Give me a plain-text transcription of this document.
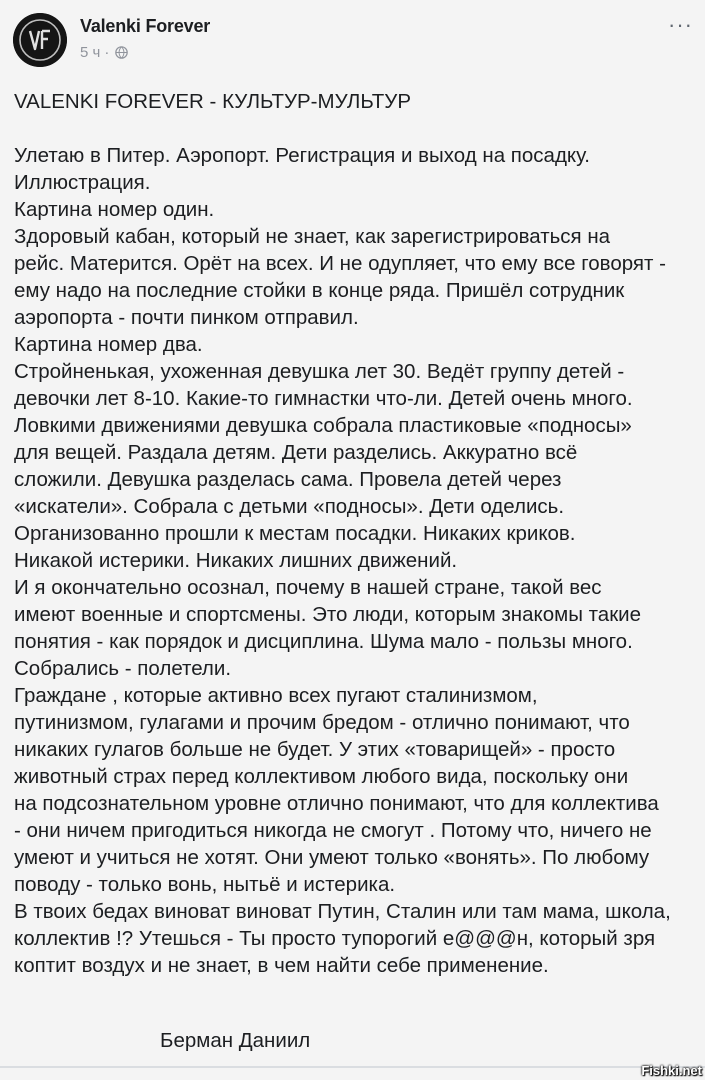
Valenki Forever
5 ч ·
···

VALENKI FOREVER - КУЛЬТУР-МУЛЬТУР

Улетаю в Питер. Аэропорт. Регистрация и выход на посадку.

Иллюстрация.

Картина номер один.

Здоровый кабан, который не знает, как зарегистрироваться на

рейс. Матерится. Орёт на всех. И не одупляет, что ему все говорят -

ему надо на последние стойки в конце ряда. Пришёл сотрудник

аэропорта - почти пинком отправил.

Картина номер два.

Стройненькая, ухоженная девушка лет 30. Ведёт группу детей -

девочки лет 8-10. Какие-то гимнастки что-ли. Детей очень много.

Ловкими движениями девушка собрала пластиковые «подносы»

для вещей. Раздала детям. Дети разделись. Аккуратно всё

сложили. Девушка разделась сама. Провела детей через

«искатели». Собрала с детьми «подносы». Дети оделись.

Организованно прошли к местам посадки. Никаких криков.

Никакой истерики. Никаких лишних движений.

И я окончательно осознал, почему в нашей стране, такой вес

имеют военные и спортсмены. Это люди, которым знакомы такие

понятия - как порядок и дисциплина. Шума мало - пользы много.

Собрались - полетели.

Граждане , которые активно всех пугают сталинизмом,

путинизмом, гулагами и прочим бредом - отлично понимают, что

никаких гулагов больше не будет. У этих «товарищей» - просто

животный страх перед коллективом любого вида, поскольку они

на подсознательном уровне отлично понимают, что для коллектива

- они ничем пригодиться никогда не смогут . Потому что, ничего не

умеют и учиться не хотят. Они умеют только «вонять». По любому

поводу - только вонь, нытьё и истерика.

В твоих бедах виноват виноват Путин, Сталин или там мама, школа,

коллектив !? Утешься - Ты просто тупорогий е@@@н, который зря

коптит воздух и не знает, в чем найти себе применение.

Берман Даниил
Fishki.net
